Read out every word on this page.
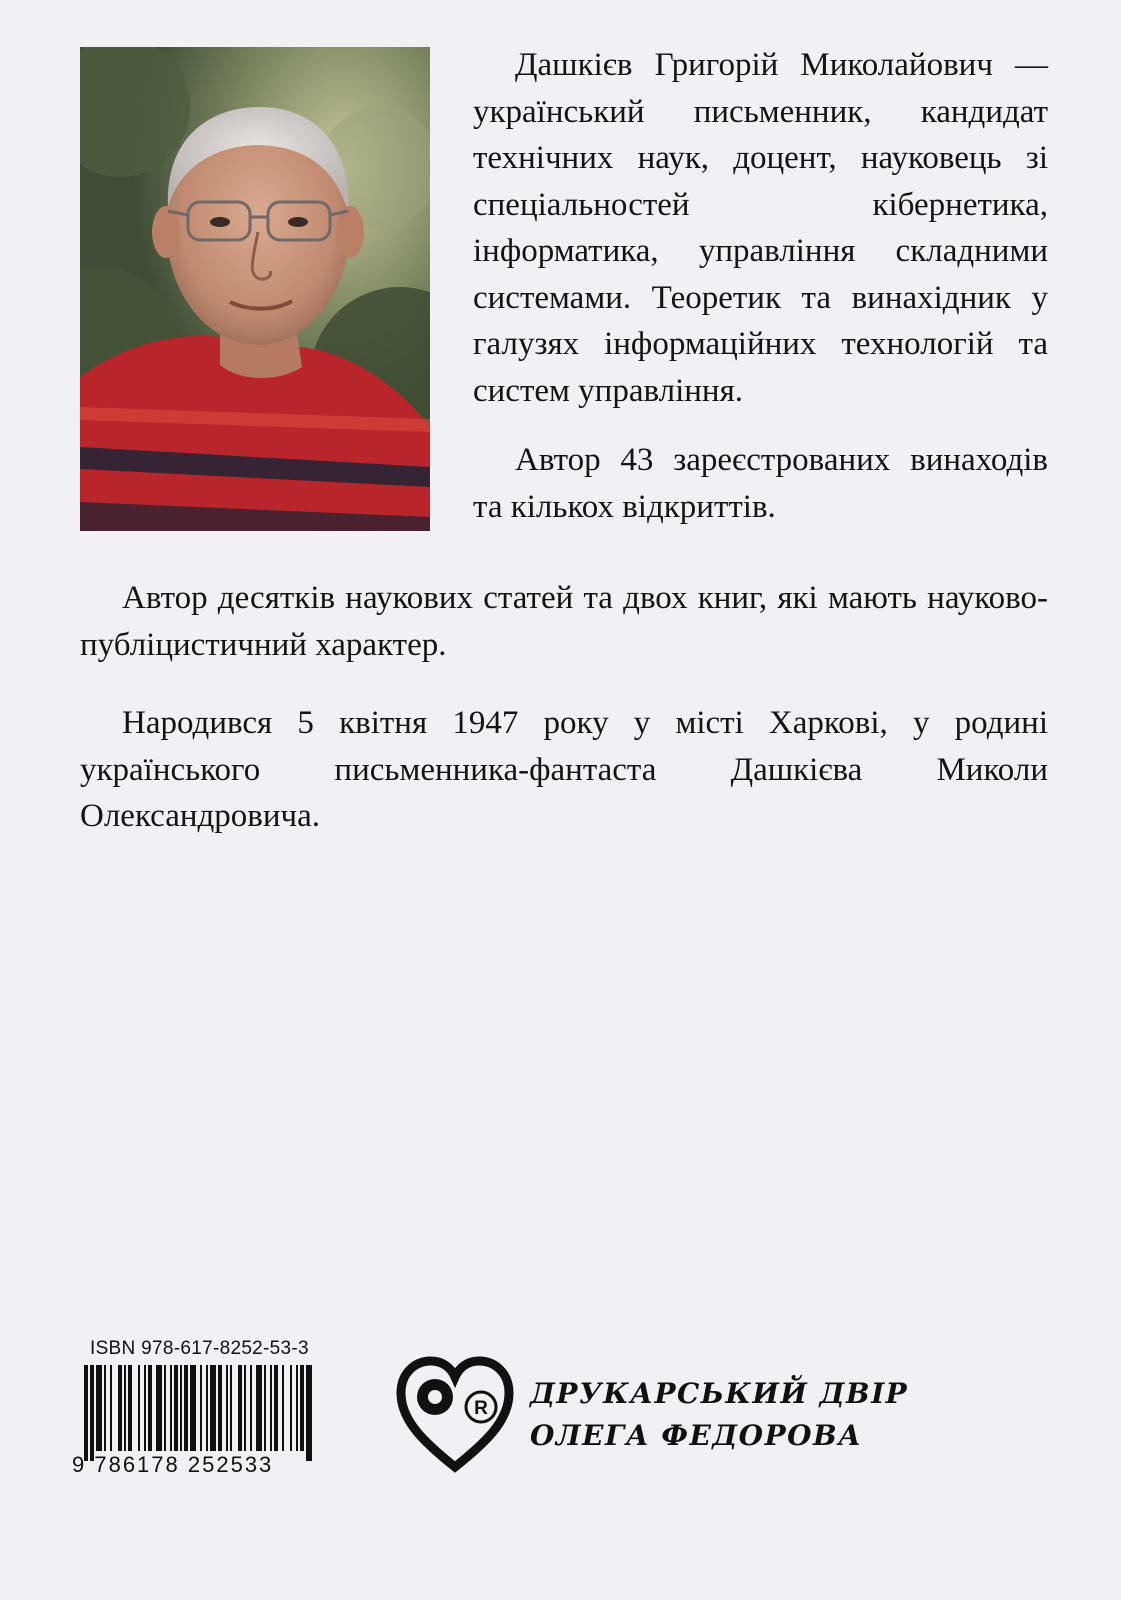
Дашкієв Григорій Миколайович — український письменник, кандидат технічних наук, доцент, науковець зі спеціальностей кібернетика, інформатика, управління складними системами. Теоретик та винахідник у галузях інформаційних технологій та систем управління.

Автор 43 зареєстрованих винаходів та кількох відкриттів.

Автор десятків наукових статей та двох книг, які мають науково-публіцистичний характер.

Народився 5 квітня 1947 року у місті Харкові, у родині українського письменника-фантаста Дашкієва Миколи Олександровича.

ISBN 978-617-8252-53-3
9 786178 252533
R ДРУКАРСЬКИЙ ДВІР
ОЛЕГА ФЕДОРОВА
